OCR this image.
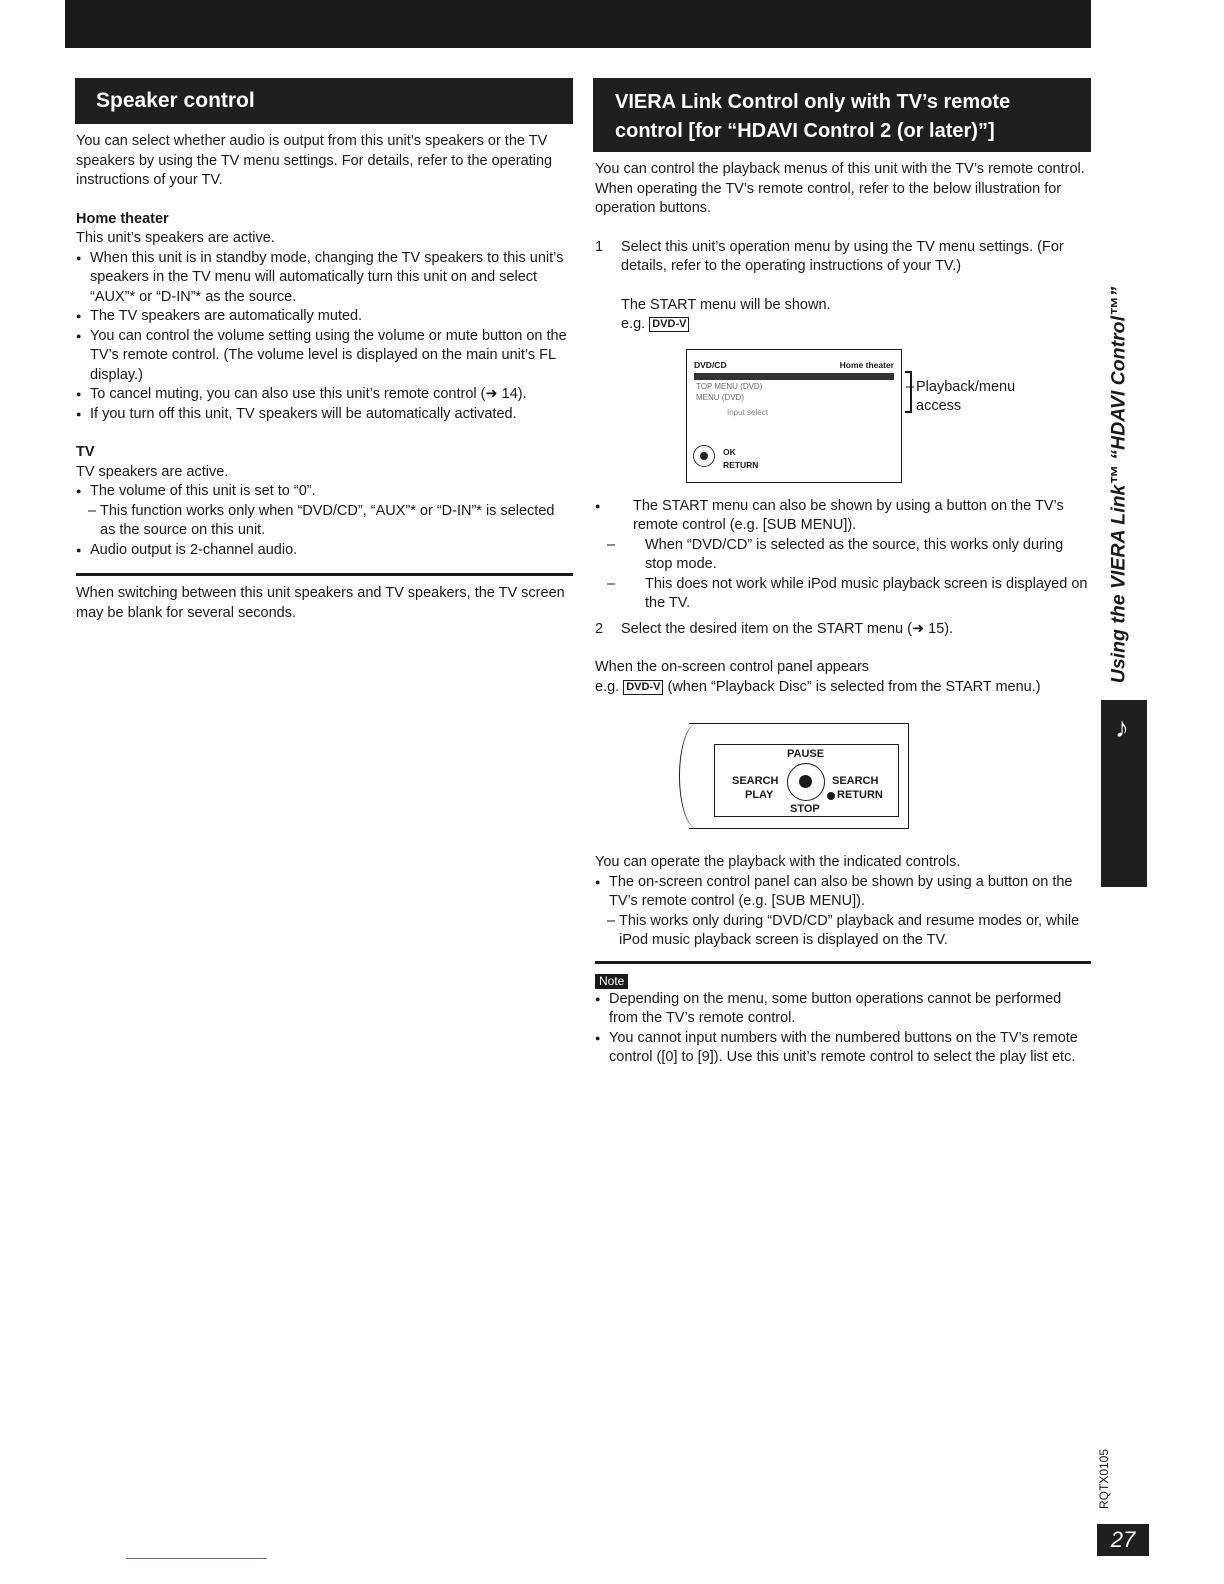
Speaker control

You can select whether audio is output from this unit’s speakers or the TV speakers by using the TV menu settings. For details, refer to the operating instructions of your TV.

Home theater
This unit’s speakers are active.
● When this unit is in standby mode, changing the TV speakers to this unit’s speakers in the TV menu will automatically turn this unit on and select “AUX”* or “D-IN”* as the source.
● The TV speakers are automatically muted.
● You can control the volume setting using the volume or mute button on the TV’s remote control. (The volume level is displayed on the main unit’s FL display.)
● To cancel muting, you can also use this unit’s remote control (➜ 14).
● If you turn off this unit, TV speakers will be automatically activated.
TV
TV speakers are active.
● The volume of this unit is set to “0”.
– This function works only when “DVD/CD”, “AUX”* or “D-IN”* is selected as the source on this unit.
● Audio output is 2-channel audio.

When switching between this unit speakers and TV speakers, the TV screen may be blank for several seconds.

VIERA Link Control only with TV’s remote
control [for “HDAVI Control 2 (or later)”]

You can control the playback menus of this unit with the TV’s remote control. When operating the TV’s remote control, refer to the below illustration for operation buttons.

1 Select this unit’s operation menu by using the TV menu settings. (For details, refer to the operating instructions of your TV.)
The START menu will be shown.
e.g. DVD-V
DVD/CD	Home theater
TOP MENU (DVD)
MENU (DVD)
Input select
OK
RETURN
– Playback/menu access
● The START menu can also be shown by using a button on the TV’s remote control (e.g. [SUB MENU]).
– When “DVD/CD” is selected as the source, this works only during stop mode.
– This does not work while iPod music playback screen is displayed on the TV.
2 Select the desired item on the START menu (➜ 15).
When the on-screen control panel appears
e.g. DVD-V (when “Playback Disc” is selected from the START menu.)
PAUSE
SEARCH	SEARCH
PLAY	RETURN
STOP
You can operate the playback with the indicated controls.
● The on-screen control panel can also be shown by using a button on the TV’s remote control (e.g. [SUB MENU]).
– This works only during “DVD/CD” playback and resume modes or, while iPod music playback screen is displayed on the TV.
Note
● Depending on the menu, some button operations cannot be performed from the TV’s remote control.
● You cannot input numbers with the numbered buttons on the TV’s remote control ([0] to [9]). Use this unit’s remote control to select the play list etc.
Using the VIERA Link™ “HDAVI Control™”
♪
RQTX0105
27
